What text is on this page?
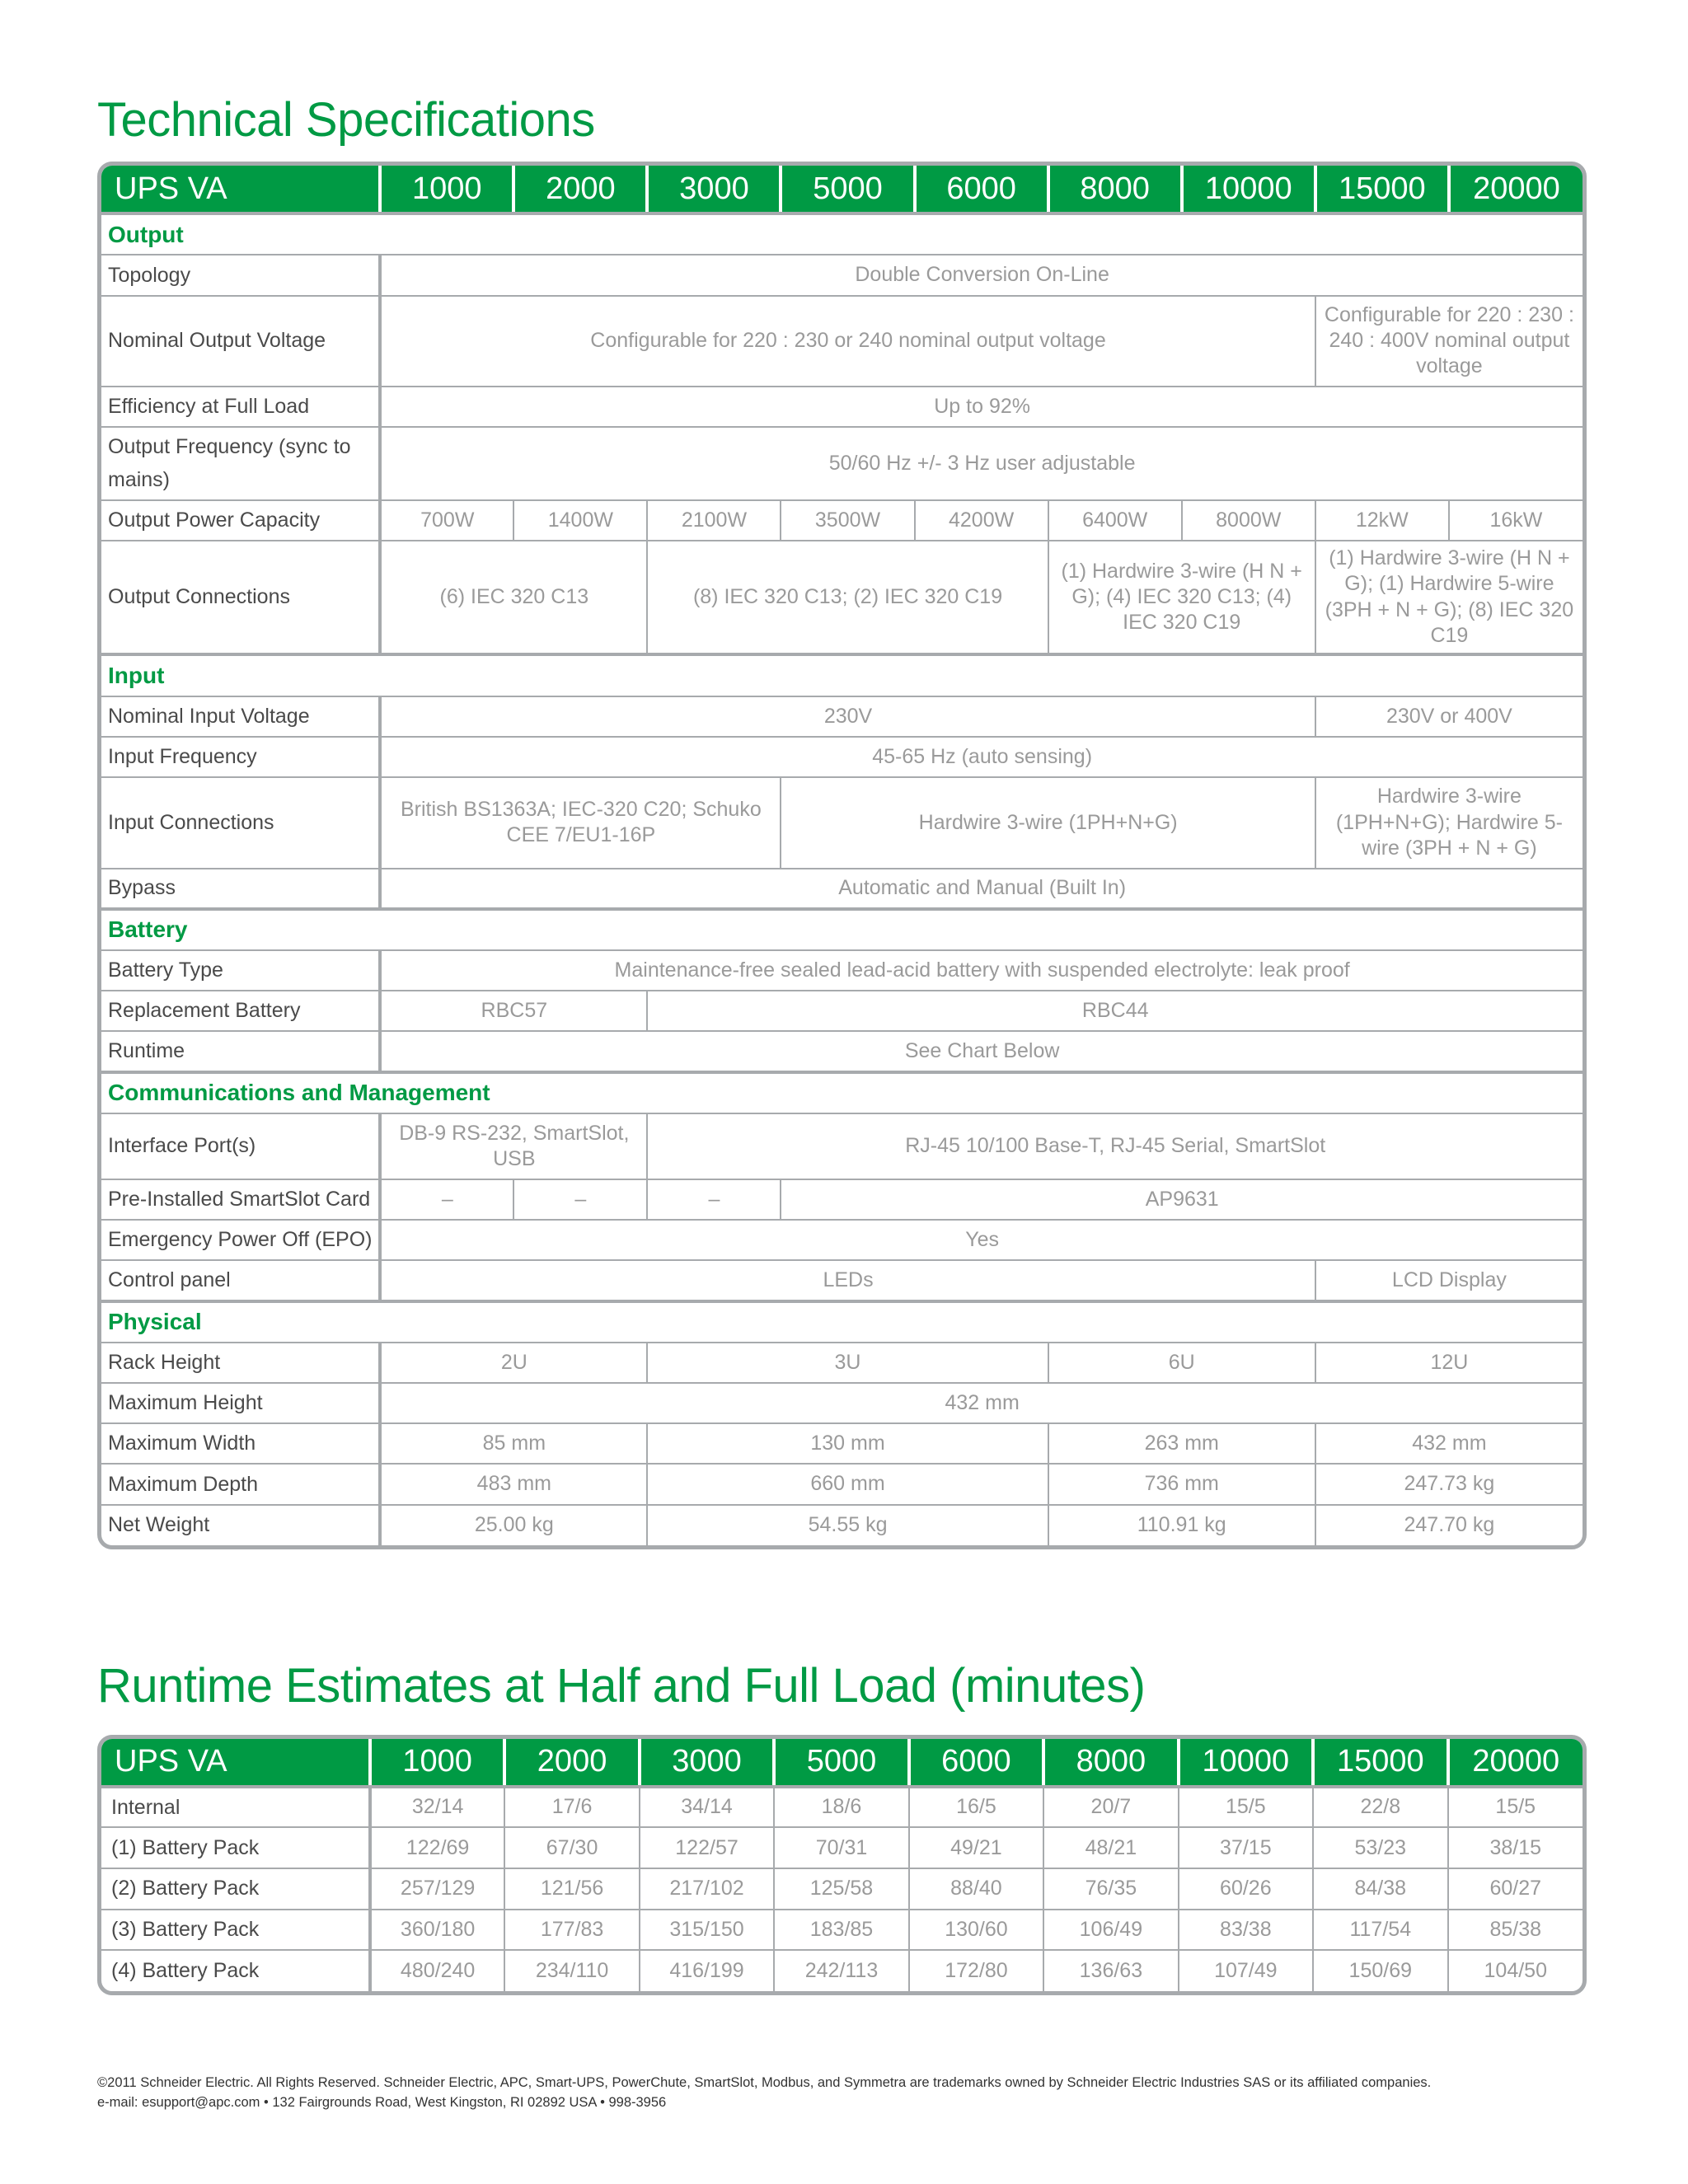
Technical Specifications
UPS VA	1000	2000	3000	5000	6000	8000	10000	15000	20000
Output									
Topology	Double Conversion On-Line								
Nominal Output Voltage	Configurable for 220 : 230 or 240 nominal output voltage							Configurable for 220 : 230 : 240 : 400V nominal output voltage	
Efficiency at Full Load	Up to 92%								
Output Frequency (sync to mains)	50/60 Hz +/- 3 Hz user adjustable								
Output Power Capacity	700W	1400W	2100W	3500W	4200W	6400W	8000W	12kW	16kW
Output Connections	(6) IEC 320 C13		(8) IEC 320 C13; (2) IEC 320 C19			(1) Hardwire 3-wire (H N + G); (4) IEC 320 C13; (4) IEC 320 C19		(1) Hardwire 3-wire (H N + G); (1) Hardwire 5-wire (3PH + N + G); (8) IEC 320 C19	
Input									
Nominal Input Voltage	230V							230V or 400V	
Input Frequency	45-65 Hz (auto sensing)								
Input Connections	British BS1363A; IEC-320 C20; Schuko CEE 7/EU1-16P			Hardwire 3-wire (1PH+N+G)				Hardwire 3-wire (1PH+N+G); Hardwire 5-wire (3PH + N + G)	
Bypass	Automatic and Manual (Built In)								
Battery									
Battery Type	Maintenance-free sealed lead-acid battery with suspended electrolyte: leak proof								
Replacement Battery	RBC57		RBC44						
Runtime	See Chart Below								
Communications and Management									
Interface Port(s)	DB-9 RS-232, SmartSlot, USB		RJ-45 10/100 Base-T, RJ-45 Serial, SmartSlot						
Pre-Installed SmartSlot Card	–	–	–	AP9631					
Emergency Power Off (EPO)	Yes								
Control panel	LEDs							LCD Display	
Physical									
Rack Height	2U		3U			6U		12U	
Maximum Height	432 mm								
Maximum Width	85 mm		130 mm			263 mm		432 mm	
Maximum Depth	483 mm		660 mm			736 mm		247.73 kg	
Net Weight	25.00 kg		54.55 kg			110.91 kg		247.70 kg	
Runtime Estimates at Half and Full Load (minutes)
UPS VA	1000	2000	3000	5000	6000	8000	10000	15000	20000
Internal	32/14	17/6	34/14	18/6	16/5	20/7	15/5	22/8	15/5
(1) Battery Pack	122/69	67/30	122/57	70/31	49/21	48/21	37/15	53/23	38/15
(2) Battery Pack	257/129	121/56	217/102	125/58	88/40	76/35	60/26	84/38	60/27
(3) Battery Pack	360/180	177/83	315/150	183/85	130/60	106/49	83/38	117/54	85/38
(4) Battery Pack	480/240	234/110	416/199	242/113	172/80	136/63	107/49	150/69	104/50
©2011 Schneider Electric. All Rights Reserved. Schneider Electric, APC, Smart-UPS, PowerChute, SmartSlot, Modbus, and Symmetra are trademarks owned by Schneider Electric Industries SAS or its affiliated companies.
e-mail: esupport@apc.com • 132 Fairgrounds Road, West Kingston, RI 02892 USA • 998-3956
